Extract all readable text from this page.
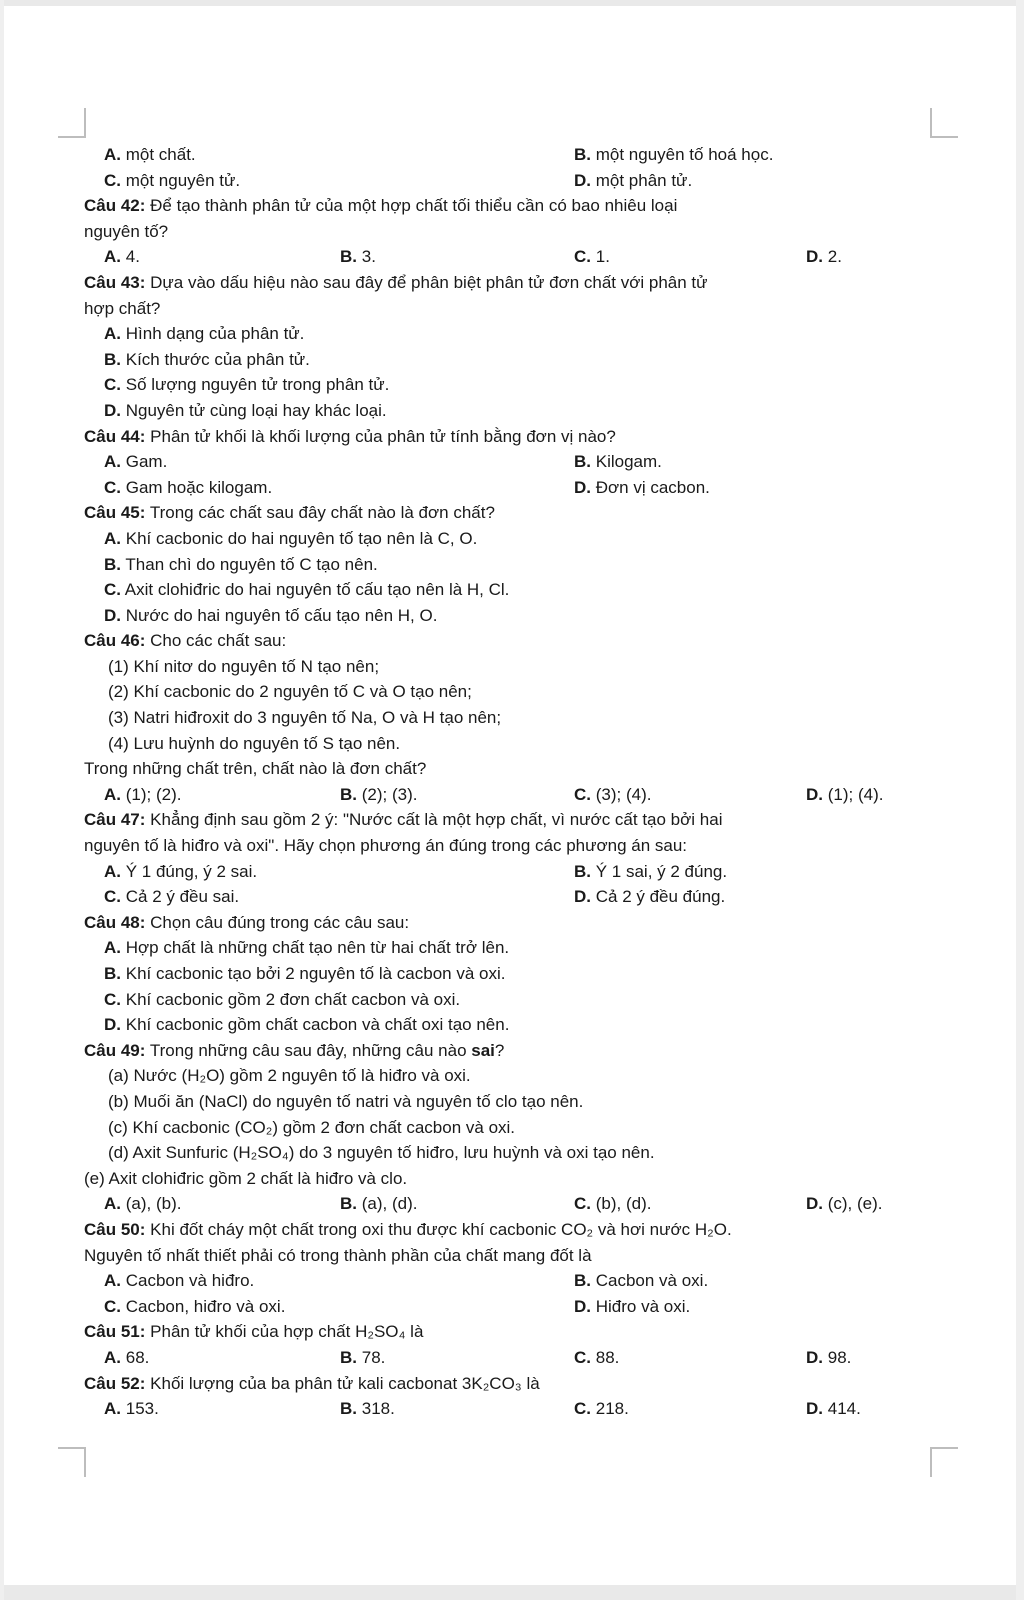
A. một chất.	B. một nguyên tố hoá học.
C. một nguyên tử.	D. một phân tử.
Câu 42: Để tạo thành phân tử của một hợp chất tối thiểu cần có bao nhiêu loại
nguyên tố?
A. 4.	B. 3.	C. 1.	D. 2.
Câu 43: Dựa vào dấu hiệu nào sau đây để phân biệt phân tử đơn chất với phân tử
hợp chất?
A. Hình dạng của phân tử.
B. Kích thước của phân tử.
C. Số lượng nguyên tử trong phân tử.
D. Nguyên tử cùng loại hay khác loại.
Câu 44: Phân tử khối là khối lượng của phân tử tính bằng đơn vị nào?
A. Gam.	B. Kilogam.
C. Gam hoặc kilogam.	D. Đơn vị cacbon.
Câu 45: Trong các chất sau đây chất nào là đơn chất?
A. Khí cacbonic do hai nguyên tố tạo nên là C, O.
B. Than chì do nguyên tố C tạo nên.
C. Axit clohiđric do hai nguyên tố cấu tạo nên là H, Cl.
D. Nước do hai nguyên tố cấu tạo nên H, O.
Câu 46: Cho các chất sau:
(1) Khí nitơ do nguyên tố N tạo nên;
(2) Khí cacbonic do 2 nguyên tố C và O tạo nên;
(3) Natri hiđroxit do 3 nguyên tố Na, O và H tạo nên;
(4) Lưu huỳnh do nguyên tố S tạo nên.
Trong những chất trên, chất nào là đơn chất?
A. (1); (2).	B. (2); (3).	C. (3); (4).	D. (1); (4).
Câu 47: Khẳng định sau gồm 2 ý: "Nước cất là một hợp chất, vì nước cất tạo bởi hai
nguyên tố là hiđro và oxi". Hãy chọn phương án đúng trong các phương án sau:
A. Ý 1 đúng, ý 2 sai.	B. Ý 1 sai, ý 2 đúng.
C. Cả 2 ý đều sai.	D. Cả 2 ý đều đúng.
Câu 48: Chọn câu đúng trong các câu sau:
A. Hợp chất là những chất tạo nên từ hai chất trở lên.
B. Khí cacbonic tạo bởi 2 nguyên tố là cacbon và oxi.
C. Khí cacbonic gồm 2 đơn chất cacbon và oxi.
D. Khí cacbonic gồm chất cacbon và chất oxi tạo nên.
Câu 49: Trong những câu sau đây, những câu nào sai?
(a) Nước (H₂O) gồm 2 nguyên tố là hiđro và oxi.
(b) Muối ăn (NaCl) do nguyên tố natri và nguyên tố clo tạo nên.
(c) Khí cacbonic (CO₂) gồm 2 đơn chất cacbon và oxi.
(d) Axit Sunfuric (H₂SO₄) do 3 nguyên tố hiđro, lưu huỳnh và oxi tạo nên.
(e) Axit clohiđric gồm 2 chất là hiđro và clo.
A. (a), (b).	B. (a), (d).	C. (b), (d).	D. (c), (e).
Câu 50: Khi đốt cháy một chất trong oxi thu được khí cacbonic CO₂ và hơi nước H₂O.
Nguyên tố nhất thiết phải có trong thành phần của chất mang đốt là
A. Cacbon và hiđro.	B. Cacbon và oxi.
C. Cacbon, hiđro và oxi.	D. Hiđro và oxi.
Câu 51: Phân tử khối của hợp chất H₂SO₄ là
A. 68.	B. 78.	C. 88.	D. 98.
Câu 52: Khối lượng của ba phân tử kali cacbonat 3K₂CO₃ là
A. 153.	B. 318.	C. 218.	D. 414.
